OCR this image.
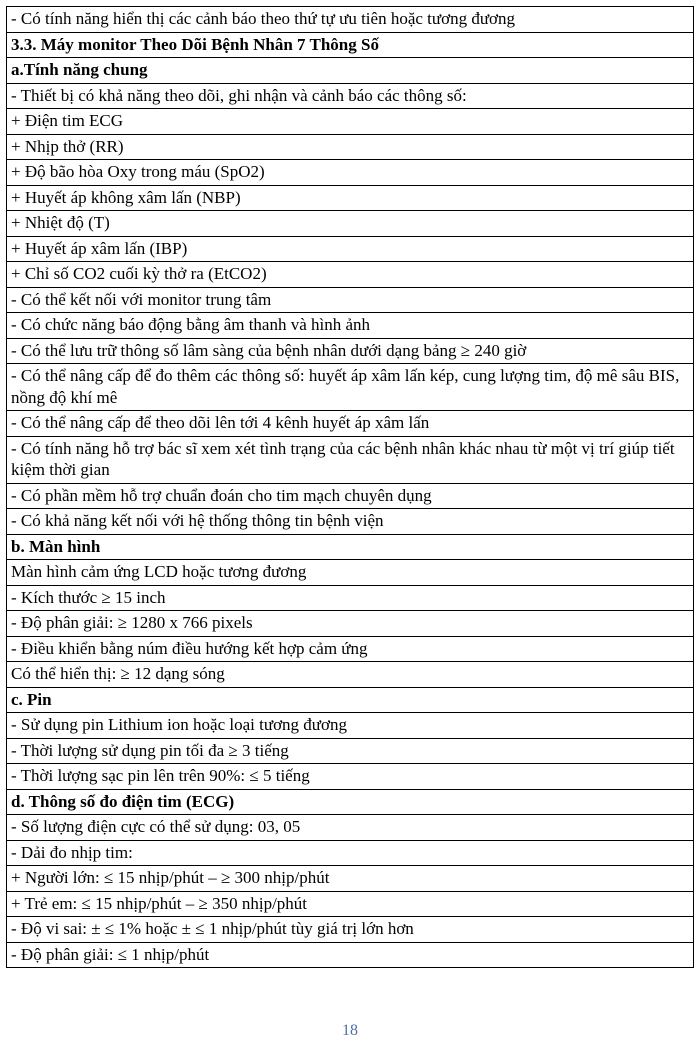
- Có tính năng hiển thị các cảnh báo theo thứ tự ưu tiên hoặc tương đương
3.3. Máy monitor Theo Dõi Bệnh Nhân 7 Thông Số
a.Tính năng chung
- Thiết bị có khả năng theo dõi, ghi nhận và cảnh báo các thông số:
+ Điện tim ECG
+ Nhịp thở (RR)
+ Độ bão hòa Oxy trong máu (SpO2)
+ Huyết áp không xâm lấn (NBP)
+ Nhiệt độ (T)
+ Huyết áp xâm lấn (IBP)
+ Chỉ số CO2 cuối kỳ thở ra (EtCO2)
- Có thể kết nối với monitor trung tâm
- Có chức năng báo động bằng âm thanh và hình ảnh
- Có thể lưu trữ thông số lâm sàng của bệnh nhân dưới dạng bảng ≥ 240 giờ
- Có thể nâng cấp để đo thêm các thông số: huyết áp xâm lấn kép, cung lượng tim, độ mê sâu BIS, nồng độ khí mê
- Có thể nâng cấp để theo dõi lên tới 4 kênh huyết áp xâm lấn
- Có tính năng hỗ trợ bác sĩ xem xét tình trạng của các bệnh nhân khác nhau từ một vị trí giúp tiết kiệm thời gian
- Có phần mềm hỗ trợ chuẩn đoán cho tim mạch chuyên dụng
- Có khả năng kết nối với hệ thống thông tin bệnh viện
b. Màn hình
Màn hình cảm ứng LCD hoặc tương đương
- Kích thước ≥ 15 inch
- Độ phân giải: ≥ 1280 x 766 pixels
- Điều khiển bằng núm điều hướng kết hợp cảm ứng
Có thể hiển thị: ≥ 12 dạng sóng
c. Pin
- Sử dụng pin Lithium ion hoặc loại tương đương
- Thời lượng sử dụng pin tối đa ≥ 3 tiếng
- Thời lượng sạc pin lên trên 90%: ≤ 5 tiếng
d. Thông số đo điện tim (ECG)
- Số lượng điện cực có thể sử dụng: 03, 05
- Dải đo nhịp tim:
+ Người lớn: ≤ 15 nhịp/phút – ≥ 300 nhịp/phút
+ Trẻ em: ≤ 15 nhịp/phút – ≥ 350 nhịp/phút
- Độ vi sai: ± ≤ 1% hoặc ± ≤ 1 nhịp/phút tùy giá trị lớn hơn
- Độ phân giải: ≤ 1 nhịp/phút
18
